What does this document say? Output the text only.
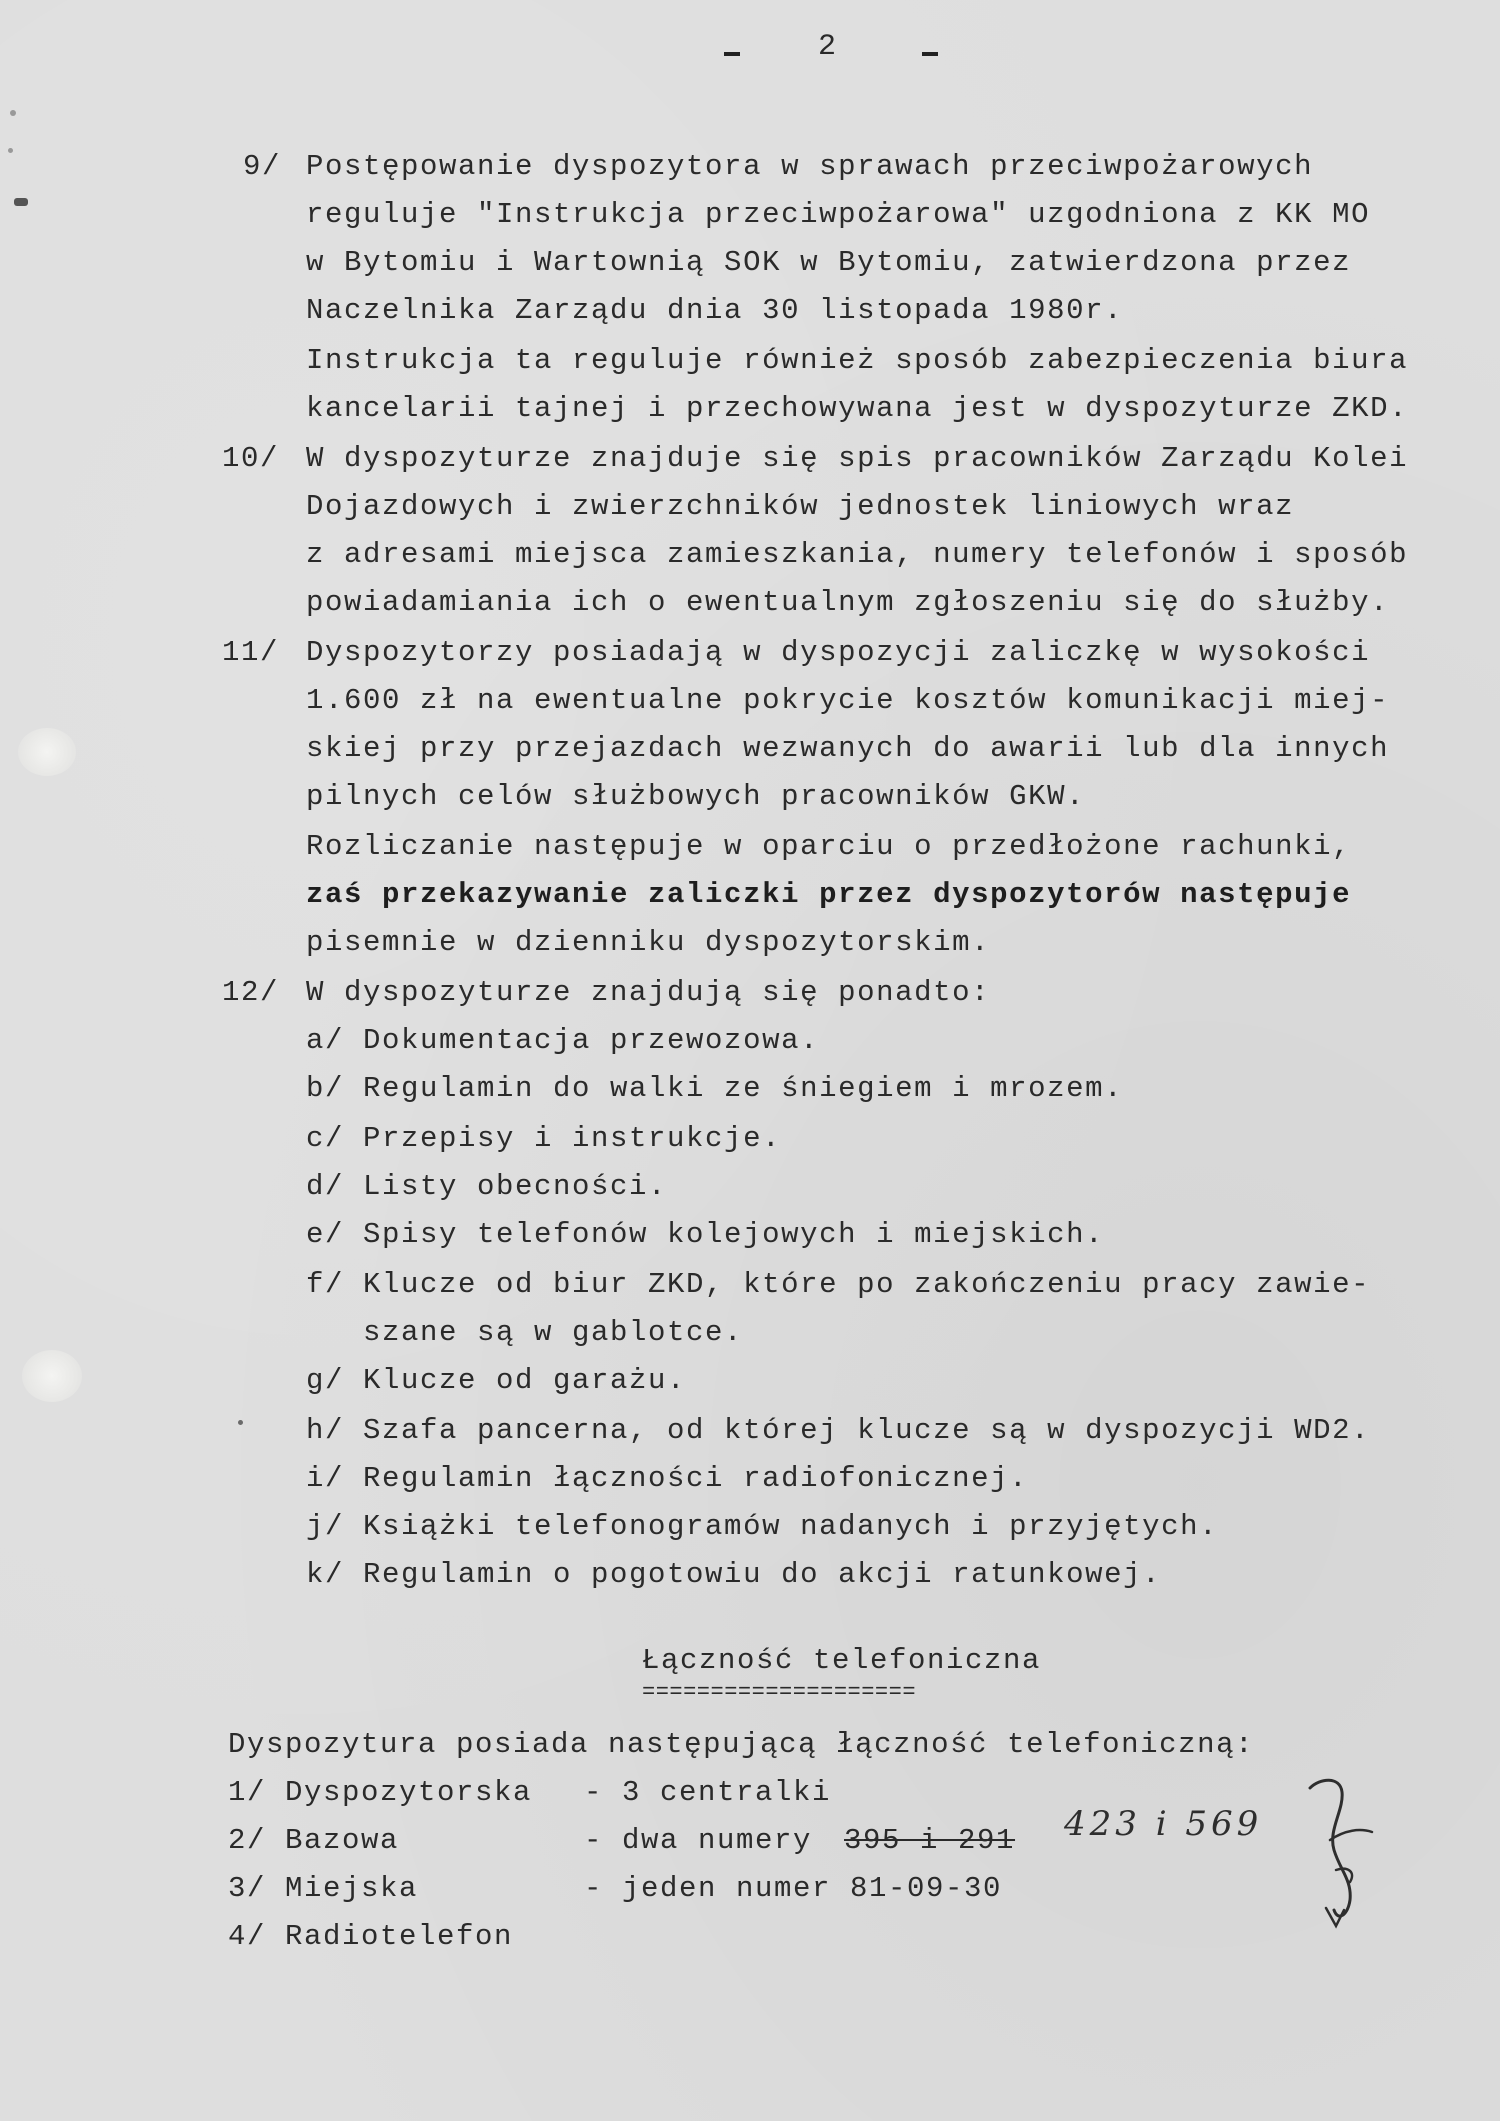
2
9/ Postępowanie dyspozytora w sprawach przeciwpożarowych
reguluje "Instrukcja przeciwpożarowa" uzgodniona z KK MO
w Bytomiu i Wartownią SOK w Bytomiu, zatwierdzona przez
Naczelnika Zarządu dnia 30 listopada 1980r.
Instrukcja ta reguluje również sposób zabezpieczenia biura
kancelarii tajnej i przechowywana jest w dyspozyturze ZKD.
10/ W dyspozyturze znajduje się spis pracowników Zarządu Kolei
Dojazdowych i zwierzchników jednostek liniowych wraz
z adresami miejsca zamieszkania, numery telefonów i sposób
powiadamiania ich o ewentualnym zgłoszeniu się do służby.
11/ Dyspozytorzy posiadają w dyspozycji zaliczkę w wysokości
1.600 zł na ewentualne pokrycie kosztów komunikacji miej-
skiej przy przejazdach wezwanych do awarii lub dla innych
pilnych celów służbowych pracowników GKW.
Rozliczanie następuje w oparciu o przedłożone rachunki,
zaś przekazywanie zaliczki przez dyspozytorów następuje
pisemnie w dzienniku dyspozytorskim.
12/ W dyspozyturze znajdują się ponadto:
a/ Dokumentacja przewozowa.
b/ Regulamin do walki ze śniegiem i mrozem.
c/ Przepisy i instrukcje.
d/ Listy obecności.
e/ Spisy telefonów kolejowych i miejskich.
f/ Klucze od biur ZKD, które po zakończeniu pracy zawie-
szane są w gablotce.
g/ Klucze od garażu.
h/ Szafa pancerna, od której klucze są w dyspozycji WD2.
i/ Regulamin łączności radiofonicznej.
j/ Książki telefonogramów nadanych i przyjętych.
k/ Regulamin o pogotowiu do akcji ratunkowej.
Łączność telefoniczna
====================
Dyspozytura posiada następującą łączność telefoniczną:
1/ Dyspozytorska - 3 centralki
2/ Bazowa	- dwa numery 395 i 291 423 i 569
3/ Miejska	- jeden numer 81-09-30
4/ Radiotelefon
